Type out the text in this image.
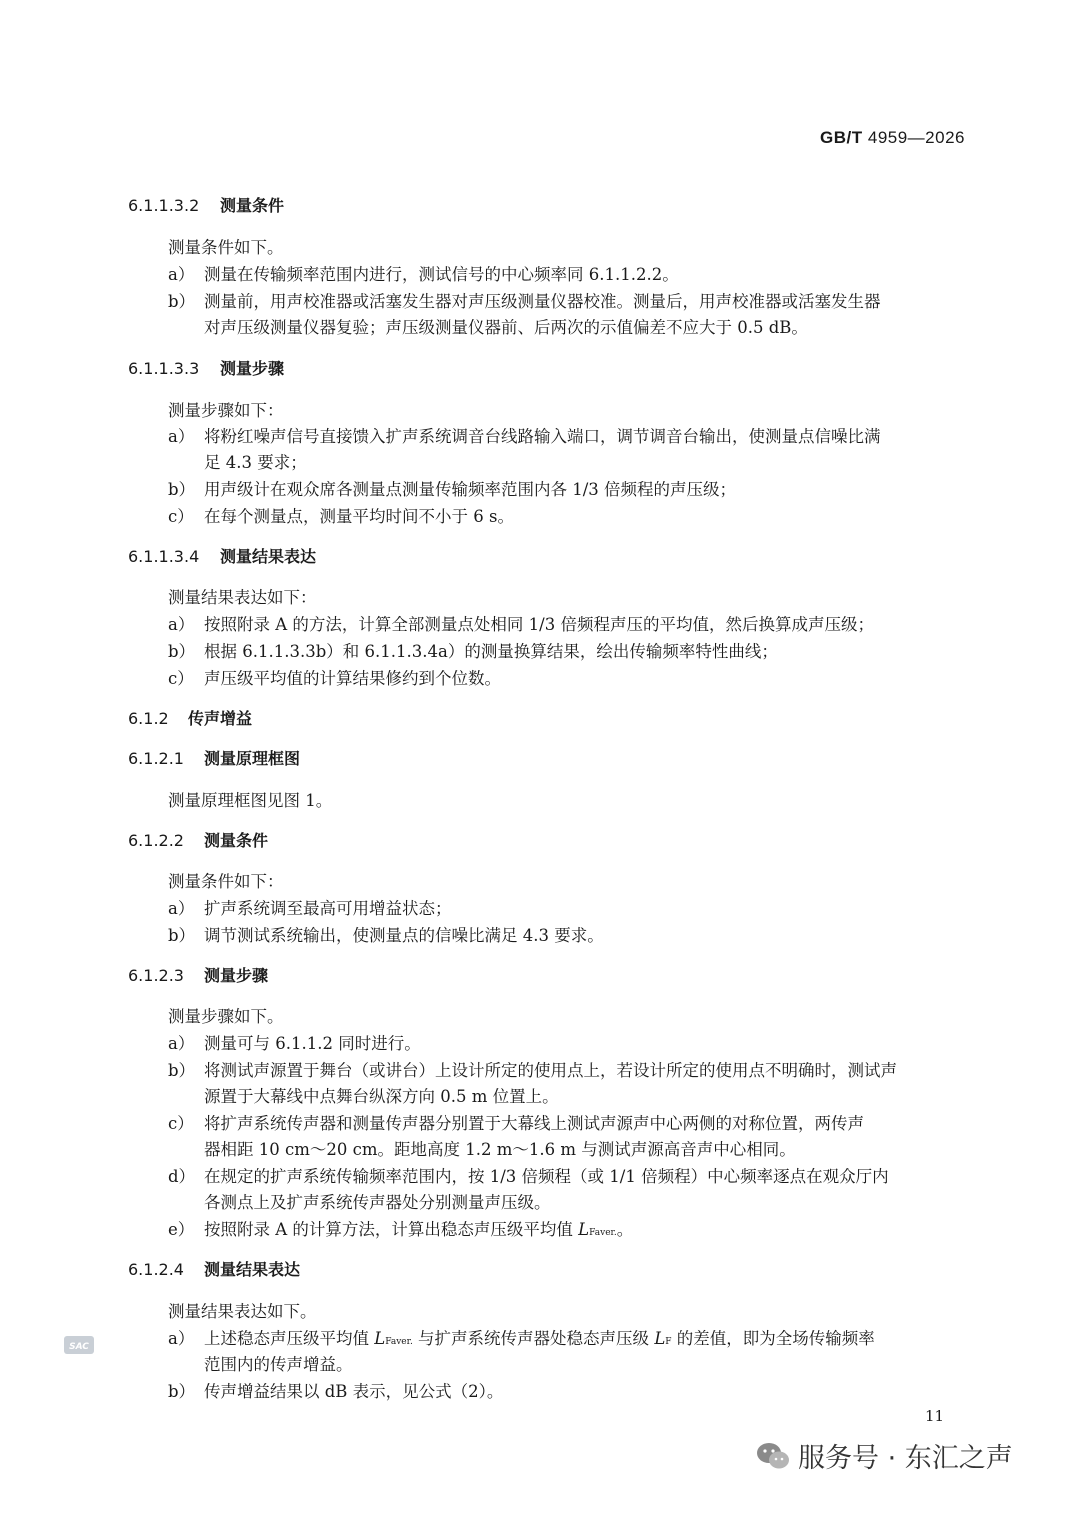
GB/T 4959—2026
6.1.1.3.2 测量条件
测量条件如下。
a） 测量在传输频率范围内进行，测试信号的中心频率同 6.1.1.2.2。
b） 测量前，用声校准器或活塞发生器对声压级测量仪器校准。测量后，用声校准器或活塞发生器
对声压级测量仪器复验；声压级测量仪器前、后两次的示值偏差不应大于 0.5 dB。
6.1.1.3.3 测量步骤
测量步骤如下：
a） 将粉红噪声信号直接馈入扩声系统调音台线路输入端口，调节调音台输出，使测量点信噪比满
足 4.3 要求；
b） 用声级计在观众席各测量点测量传输频率范围内各 1/3 倍频程的声压级；
c） 在每个测量点，测量平均时间不小于 6 s。
6.1.1.3.4 测量结果表达
测量结果表达如下：
a） 按照附录 A 的方法，计算全部测量点处相同 1/3 倍频程声压的平均值，然后换算成声压级；
b） 根据 6.1.1.3.3b）和 6.1.1.3.4a）的测量换算结果，绘出传输频率特性曲线；
c） 声压级平均值的计算结果修约到个位数。
6.1.2 传声增益
6.1.2.1 测量原理框图
测量原理框图见图 1。
6.1.2.2 测量条件
测量条件如下：
a） 扩声系统调至最高可用增益状态；
b） 调节测试系统输出，使测量点的信噪比满足 4.3 要求。
6.1.2.3 测量步骤
测量步骤如下。
a） 测量可与 6.1.1.2 同时进行。
b） 将测试声源置于舞台（或讲台）上设计所定的使用点上，若设计所定的使用点不明确时，测试声
源置于大幕线中点舞台纵深方向 0.5 m 位置上。
c） 将扩声系统传声器和测量传声器分别置于大幕线上测试声源声中心两侧的对称位置，两传声
器相距 10 cm～20 cm。距地高度 1.2 m～1.6 m 与测试声源高音声中心相同。
d） 在规定的扩声系统传输频率范围内，按 1/3 倍频程（或 1/1 倍频程）中心频率逐点在观众厅内
各测点上及扩声系统传声器处分别测量声压级。
e） 按照附录 A 的计算方法，计算出稳态声压级平均值 LFaver.。
6.1.2.4 测量结果表达
测量结果表达如下。
a） 上述稳态声压级平均值 LFaver. 与扩声系统传声器处稳态声压级 LF 的差值，即为全场传输频率
范围内的传声增益。
b） 传声增益结果以 dB 表示，见公式（2）。
SAC
11
服务号 · 东汇之声
